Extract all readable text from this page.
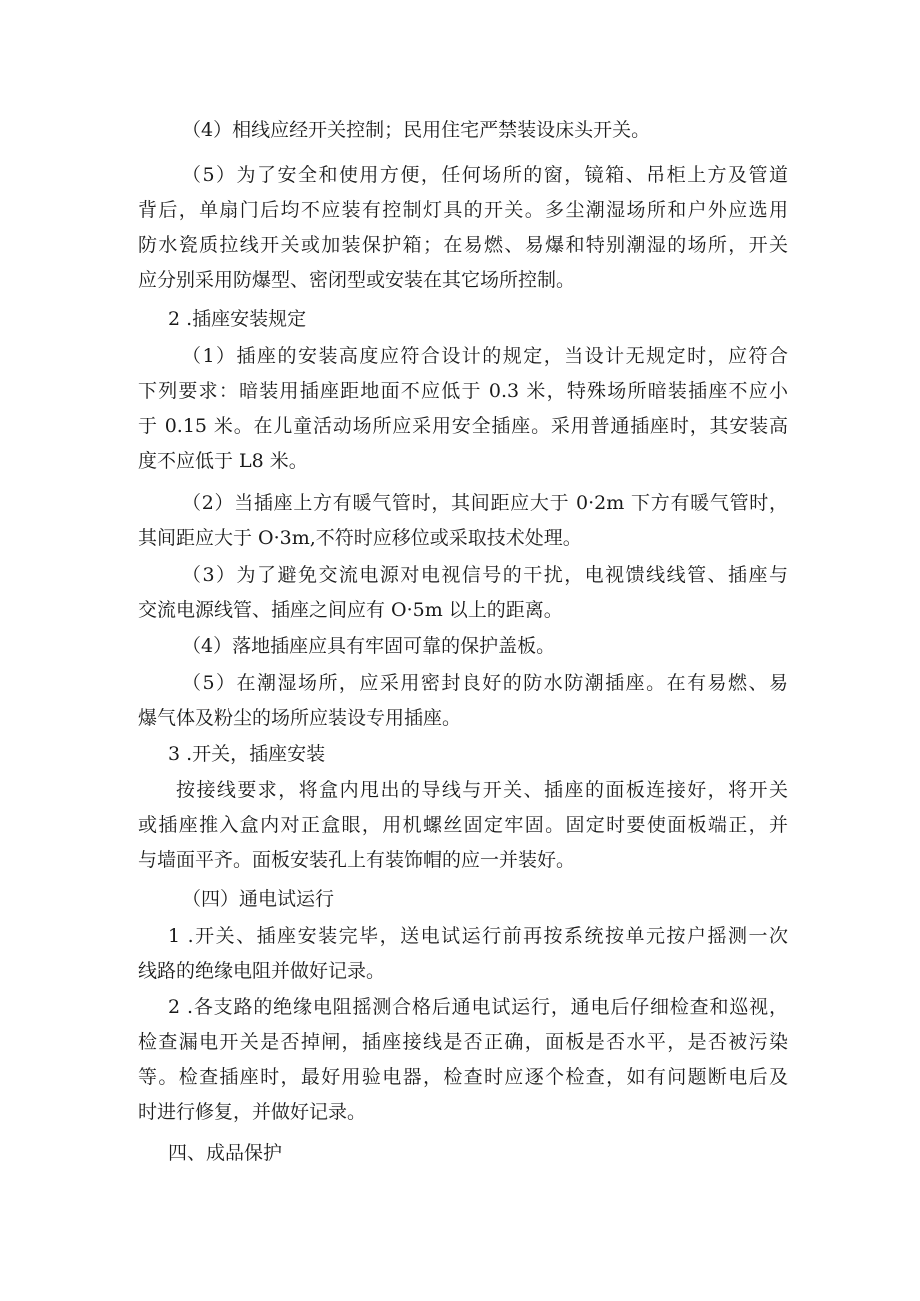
（4）相线应经开关控制；民用住宅严禁装设床头开关。
（5）为了安全和使用方便，任何场所的窗，镜箱、吊柜上方及管道
背后，单扇门后均不应装有控制灯具的开关。多尘潮湿场所和户外应选用
防水瓷质拉线开关或加装保护箱；在易燃、易爆和特别潮湿的场所，开关
应分别采用防爆型、密闭型或安装在其它场所控制。
2 .插座安装规定
（1）插座的安装高度应符合设计的规定，当设计无规定时，应符合
下列要求：暗装用插座距地面不应低于 0.3 米，特殊场所暗装插座不应小
于 0.15 米。在儿童活动场所应采用安全插座。采用普通插座时，其安装高
度不应低于 L8 米。
（2）当插座上方有暖气管时，其间距应大于 0·2m 下方有暖气管时，
其间距应大于 O·3m,不符时应移位或采取技术处理。
（3）为了避免交流电源对电视信号的干扰，电视馈线线管、插座与
交流电源线管、插座之间应有 O·5m 以上的距离。
（4）落地插座应具有牢固可靠的保护盖板。
（5）在潮湿场所，应采用密封良好的防水防潮插座。在有易燃、易
爆气体及粉尘的场所应装设专用插座。
3 .开关，插座安装
按接线要求，将盒内甩出的导线与开关、插座的面板连接好，将开关
或插座推入盒内对正盒眼，用机螺丝固定牢固。固定时要使面板端正，并
与墙面平齐。面板安装孔上有装饰帽的应一并装好。
（四）通电试运行
1 .开关、插座安装完毕，送电试运行前再按系统按单元按户摇测一次
线路的绝缘电阻并做好记录。
2 .各支路的绝缘电阻摇测合格后通电试运行，通电后仔细检查和巡视，
检查漏电开关是否掉闸，插座接线是否正确，面板是否水平，是否被污染
等。检查插座时，最好用验电器，检查时应逐个检查，如有问题断电后及
时进行修复，并做好记录。
四、成品保护
